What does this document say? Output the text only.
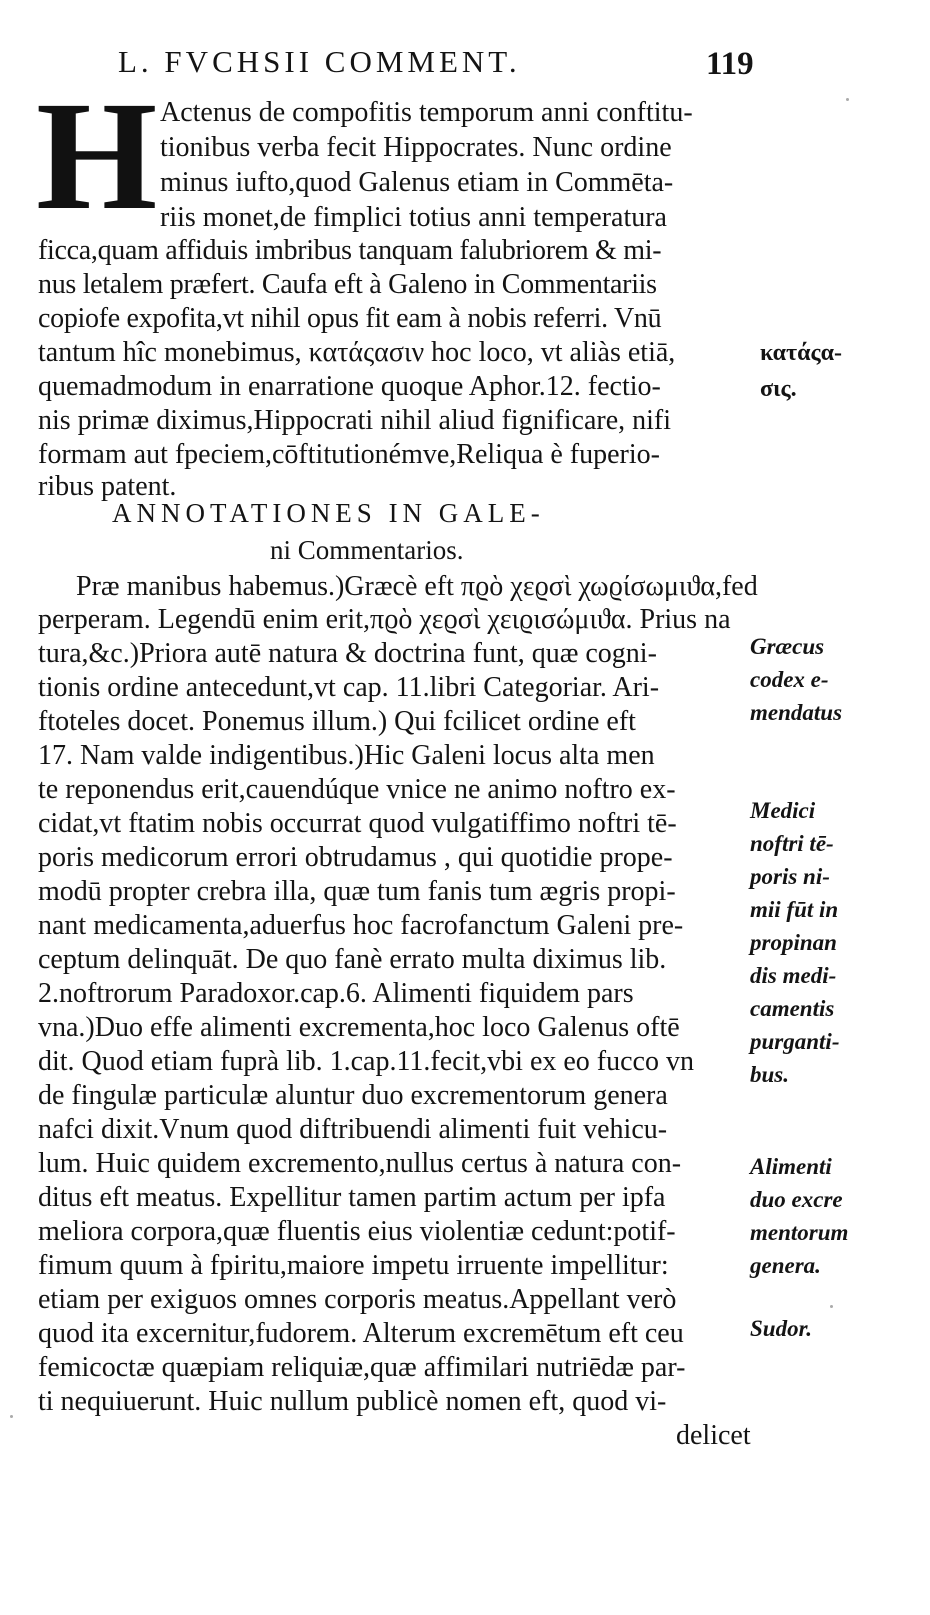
L. FVCHSII COMMENT.	119
H Actenus de compofitis temporum anni conftitu-
tionibus verba fecit Hippocrates. Nunc ordine
minus iufto,quod Galenus etiam in Commēta-
riis monet,de fimplici totius anni temperatura
ficca,quam affiduis imbribus tanquam falubriorem & mi-
nus letalem præfert. Caufa eft à Galeno in Commentariis
copiofe expofita,vt nihil opus fit eam à nobis referri. Vnū
tantum hîc monebimus, κατάςασιν hoc loco, vt aliàs etiā,
quemadmodum in enarratione quoque Aphor.12. fectio-
nis primæ diximus,Hippocrati nihil aliud fignificare, nifi
formam aut fpeciem,cōftitutionémve,Reliqua è fuperio-
ribus patent.
ANNOTATIONES IN GALE-
ni Commentarios.
Præ manibus habemus.)Græcè eft πϱὸ χεϱσὶ χωϱίσωμιϑα,fed
perperam. Legendū enim erit,πϱὸ χεϱσὶ χειϱισώμιϑα. Prius na
tura,&c.)Priora autē natura & doctrina funt, quæ cogni-
tionis ordine antecedunt,vt cap. 11.libri Categoriar. Ari-
ftoteles docet. Ponemus illum.) Qui fcilicet ordine eft
17. Nam valde indigentibus.)Hic Galeni locus alta men
te reponendus erit,cauendúque vnice ne animo noftro ex-
cidat,vt ftatim nobis occurrat quod vulgatiffimo noftri tē-
poris medicorum errori obtrudamus , qui quotidie prope-
modū propter crebra illa, quæ tum fanis tum ægris propi-
nant medicamenta,aduerfus hoc facrofanctum Galeni pre-
ceptum delinquāt. De quo fanè errato multa diximus lib.
2.noftrorum Paradoxor.cap.6. Alimenti fiquidem pars
vna.)Duo effe alimenti excrementa,hoc loco Galenus oftē
dit. Quod etiam fuprà lib. 1.cap.11.fecit,vbi ex eo fucco vn
de fingulæ particulæ aluntur duo excrementorum genera
nafci dixit.Vnum quod diftribuendi alimenti fuit vehicu-
lum. Huic quidem excremento,nullus certus à natura con-
ditus eft meatus. Expellitur tamen partim actum per ipfa
meliora corpora,quæ fluentis eius violentiæ cedunt:potif-
fimum quum à fpiritu,maiore impetu irruente impellitur:
etiam per exiguos omnes corporis meatus.Appellant verò
quod ita excernitur,fudorem. Alterum excremētum eft ceu
femicoctæ quæpiam reliquiæ,quæ affimilari nutriēdæ par-
ti nequiuerunt. Huic nullum publicè nomen eft, quod vi-
delicet
κατάςα-
σις.
Græcus
codex e-
mendatus
Medici
noftri tē-
poris ni-
mii fūt in
propinan
dis medi-
camentis
purganti-
bus.
Alimenti
duo excre
mentorum
genera.
Sudor.
